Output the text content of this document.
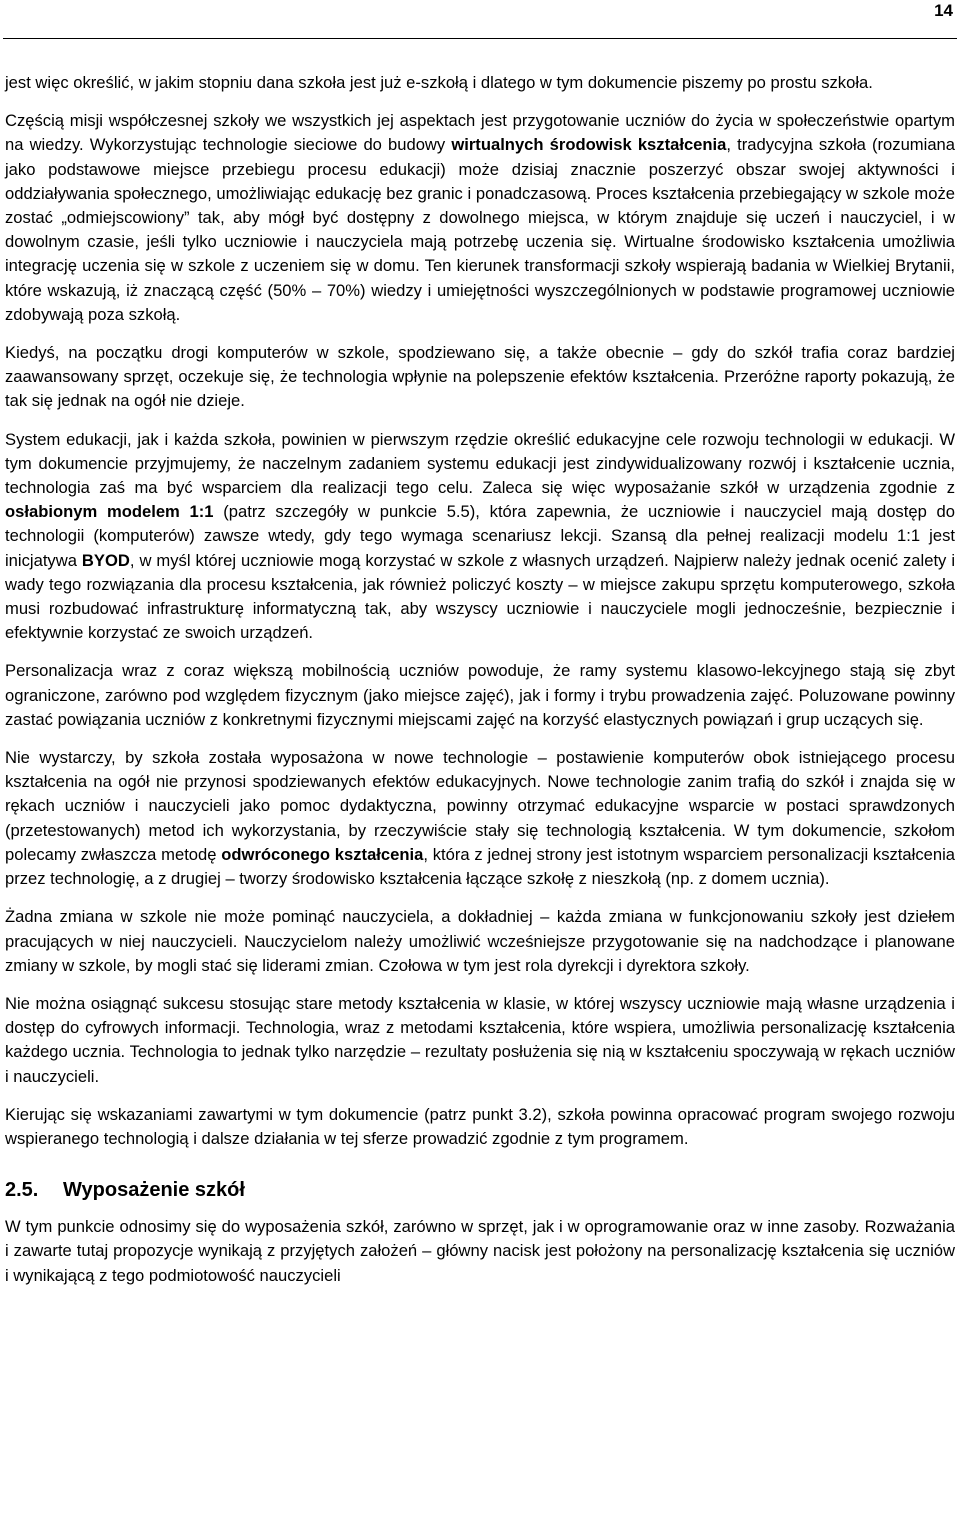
14

jest więc określić, w jakim stopniu dana szkoła jest już e-szkołą i dlatego w tym dokumencie piszemy po prostu szkoła.

Częścią misji współczesnej szkoły we wszystkich jej aspektach jest przygotowanie uczniów do życia w społeczeństwie opartym na wiedzy. Wykorzystując technologie sieciowe do budowy wirtualnych środowisk kształcenia, tradycyjna szkoła (rozumiana jako podstawowe miejsce przebiegu procesu edukacji) może dzisiaj znacznie poszerzyć obszar swojej aktywności i oddziaływania społecznego, umożliwiając edukację bez granic i ponadczasową. Proces kształcenia przebiegający w szkole może zostać „odmiejscowiony” tak, aby mógł być dostępny z dowolnego miejsca, w którym znajduje się uczeń i nauczyciel, i w dowolnym czasie, jeśli tylko uczniowie i nauczyciela mają potrzebę uczenia się. Wirtualne środowisko kształcenia umożliwia integrację uczenia się w szkole z uczeniem się w domu. Ten kierunek transformacji szkoły wspierają badania w Wielkiej Brytanii, które wskazują, iż znaczącą część (50% – 70%) wiedzy i umiejętności wyszczególnionych w podstawie programowej uczniowie zdobywają poza szkołą.

Kiedyś, na początku drogi komputerów w szkole, spodziewano się, a także obecnie – gdy do szkół trafia coraz bardziej zaawansowany sprzęt, oczekuje się, że technologia wpłynie na polepszenie efektów kształcenia. Przeróżne raporty pokazują, że tak się jednak na ogół nie dzieje.

System edukacji, jak i każda szkoła, powinien w pierwszym rzędzie określić edukacyjne cele rozwoju technologii w edukacji. W tym dokumencie przyjmujemy, że naczelnym zadaniem systemu edukacji jest zindywidualizowany rozwój i kształcenie ucznia, technologia zaś ma być wsparciem dla realizacji tego celu. Zaleca się więc wyposażanie szkół w urządzenia zgodnie z osłabionym modelem 1:1 (patrz szczegóły w punkcie 5.5), która zapewnia, że uczniowie i nauczyciel mają dostęp do technologii (komputerów) zawsze wtedy, gdy tego wymaga scenariusz lekcji. Szansą dla pełnej realizacji modelu 1:1 jest inicjatywa BYOD, w myśl której uczniowie mogą korzystać w szkole z własnych urządzeń. Najpierw należy jednak ocenić zalety i wady tego rozwiązania dla procesu kształcenia, jak również policzyć koszty – w miejsce zakupu sprzętu komputerowego, szkoła musi rozbudować infrastrukturę informatyczną tak, aby wszyscy uczniowie i nauczyciele mogli jednocześnie, bezpiecznie i efektywnie korzystać ze swoich urządzeń.

Personalizacja wraz z coraz większą mobilnością uczniów powoduje, że ramy systemu klasowo-lekcyjnego stają się zbyt ograniczone, zarówno pod względem fizycznym (jako miejsce zajęć), jak i formy i trybu prowadzenia zajęć. Poluzowane powinny zastać powiązania uczniów z konkretnymi fizycznymi miejscami zajęć na korzyść elastycznych powiązań i grup uczących się.

Nie wystarczy, by szkoła została wyposażona w nowe technologie – postawienie komputerów obok istniejącego procesu kształcenia na ogół nie przynosi spodziewanych efektów edukacyjnych. Nowe technologie zanim trafią do szkół i znajda się w rękach uczniów i nauczycieli jako pomoc dydaktyczna, powinny otrzymać edukacyjne wsparcie w postaci sprawdzonych (przetestowanych) metod ich wykorzystania, by rzeczywiście stały się technologią kształcenia. W tym dokumencie, szkołom polecamy zwłaszcza metodę odwróconego kształcenia, która z jednej strony jest istotnym wsparciem personalizacji kształcenia przez technologię, a z drugiej – tworzy środowisko kształcenia łączące szkołę z nieszkołą (np. z domem ucznia).

Żadna zmiana w szkole nie może pominąć nauczyciela, a dokładniej – każda zmiana w funkcjonowaniu szkoły jest dziełem pracujących w niej nauczycieli. Nauczycielom należy umożliwić wcześniejsze przygotowanie się na nadchodzące i planowane zmiany w szkole, by mogli stać się liderami zmian. Czołowa w tym jest rola dyrekcji i dyrektora szkoły.

Nie można osiągnąć sukcesu stosując stare metody kształcenia w klasie, w której wszyscy uczniowie mają własne urządzenia i dostęp do cyfrowych informacji. Technologia, wraz z metodami kształcenia, które wspiera, umożliwia personalizację kształcenia każdego ucznia. Technologia to jednak tylko narzędzie – rezultaty posłużenia się nią w kształceniu spoczywają w rękach uczniów i nauczycieli.

Kierując się wskazaniami zawartymi w tym dokumencie (patrz punkt 3.2), szkoła powinna opracować program swojego rozwoju wspieranego technologią i dalsze działania w tej sferze prowadzić zgodnie z tym programem.

2.5. Wyposażenie szkół

W tym punkcie odnosimy się do wyposażenia szkół, zarówno w sprzęt, jak i w oprogramowanie oraz w inne zasoby. Rozważania i zawarte tutaj propozycje wynikają z przyjętych założeń – główny nacisk jest położony na personalizację kształcenia się uczniów i wynikającą z tego podmiotowość nauczycieli
